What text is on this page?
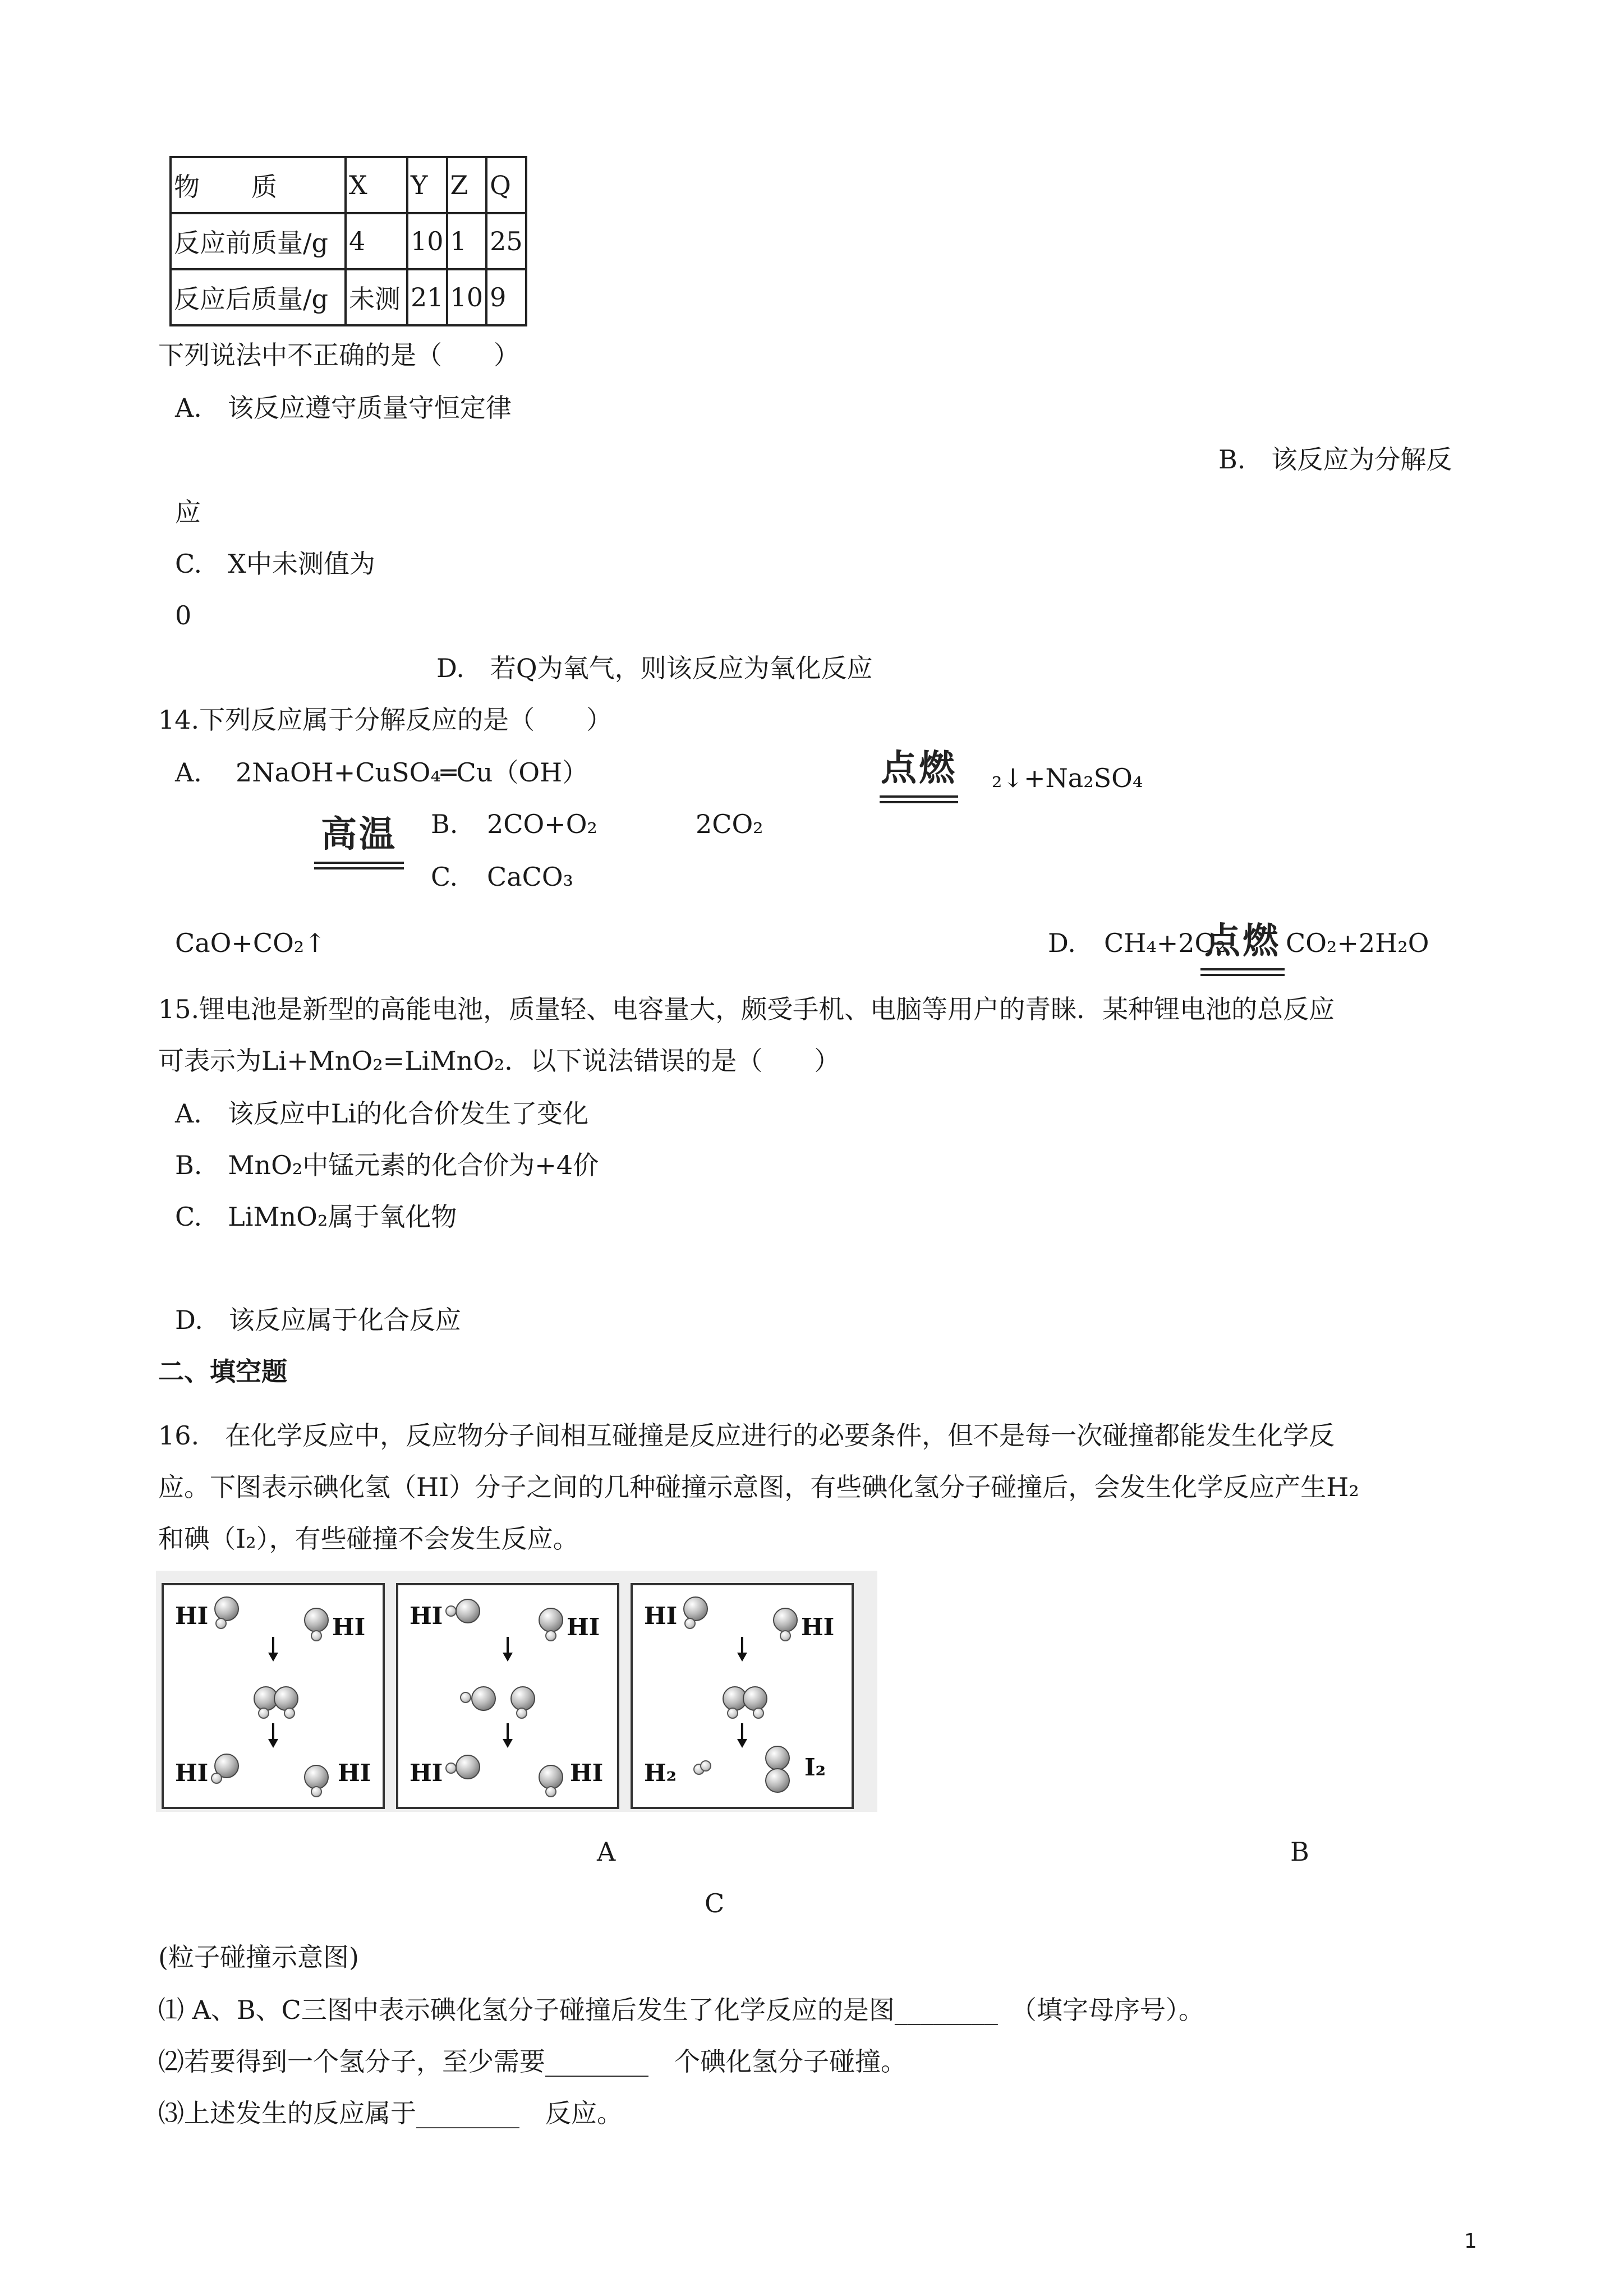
物　　质	X	Y	Z	Q
反应前质量/g	4	10	1	25
反应后质量/g	未测	21	10	9
下列说法中不正确的是（　　）
A.　该反应遵守质量守恒定律
B.　该反应为分解反
应
C.　X中未测值为
0
D.　若Q为氧气，则该反应为氧化反应
14.下列反应属于分解反应的是（　　）
A. 2NaOH+CuSO₄═Cu（OH）	点燃 ₂↓+Na₂SO₄
高温 B. 2CO+O₂	2CO₂
C. CaCO₃
CaO+CO₂↑	D. CH₄+2O₂
点燃 CO₂+2H₂O
15.锂电池是新型的高能电池，质量轻、电容量大，颇受手机、电脑等用户的青睐．某种锂电池的总反应
可表示为Li+MnO₂=LiMnO₂．以下说法错误的是（　　）
A.　该反应中Li的化合价发生了变化
B.　MnO₂中锰元素的化合价为+4价
C.　LiMnO₂属于氧化物
D.　该反应属于化合反应
二、填空题
16.　在化学反应中，反应物分子间相互碰撞是反应进行的必要条件，但不是每一次碰撞都能发生化学反
应。下图表示碘化氢（HI）分子之间的几种碰撞示意图，有些碘化氢分子碰撞后，会发生化学反应产生H₂
和碘（I₂），有些碰撞不会发生反应。
HI	HI
HI	HI
HI	HI
HI	HI
HI	HI
H₂	I₂
A	B
C
(粒子碰撞示意图)
⑴ A、B、C三图中表示碘化氢分子碰撞后发生了化学反应的是图________　（填字母序号）。
⑵若要得到一个氢分子，至少需要________　个碘化氢分子碰撞。
⑶上述发生的反应属于________　反应。
1
